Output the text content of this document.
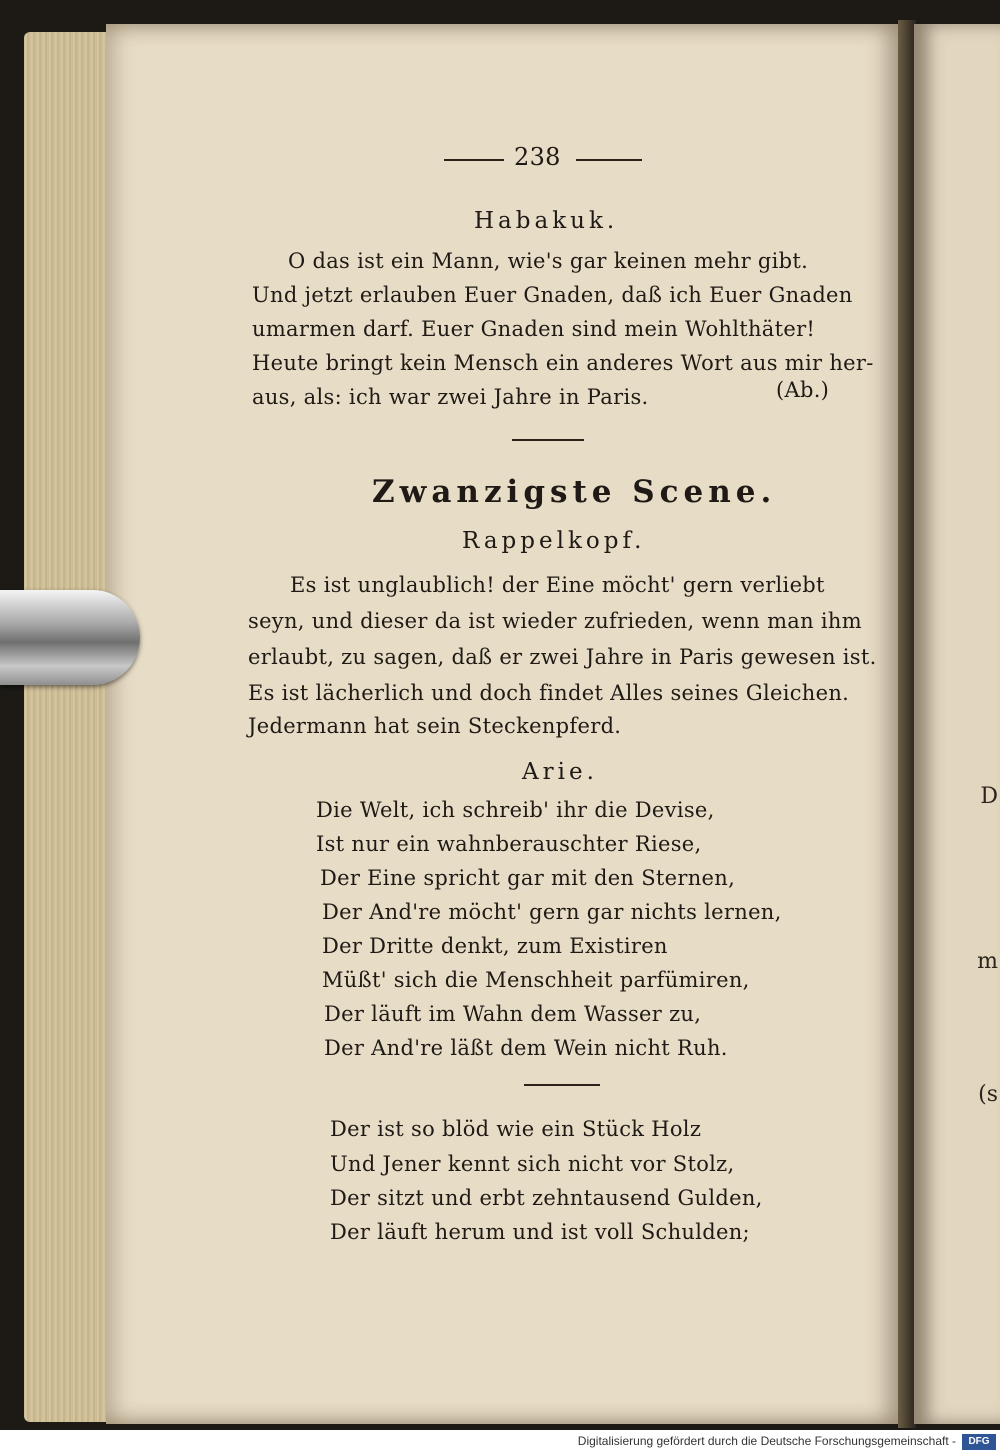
D
m
(s
238
Habakuk.
O das ist ein Mann, wie's gar keinen mehr gibt.
Und jetzt erlauben Euer Gnaden, daß ich Euer Gnaden
umarmen darf. Euer Gnaden sind mein Wohlthäter!
Heute bringt kein Mensch ein anderes Wort aus mir her-
aus, als: ich war zwei Jahre in Paris.	(Ab.)
Zwanzigste Scene.
Rappelkopf.
Es ist unglaublich! der Eine möcht' gern verliebt
seyn, und dieser da ist wieder zufrieden, wenn man ihm
erlaubt, zu sagen, daß er zwei Jahre in Paris gewesen ist.
Es ist lächerlich und doch findet Alles seines Gleichen.
Jedermann hat sein Steckenpferd.
Arie.
Die Welt, ich schreib' ihr die Devise,
Ist nur ein wahnberauschter Riese,
Der Eine spricht gar mit den Sternen,
Der And're möcht' gern gar nichts lernen,
Der Dritte denkt, zum Existiren
Müßt' sich die Menschheit parfümiren,
Der läuft im Wahn dem Wasser zu,
Der And're läßt dem Wein nicht Ruh.
Der ist so blöd wie ein Stück Holz
Und Jener kennt sich nicht vor Stolz,
Der sitzt und erbt zehntausend Gulden,
Der läuft herum und ist voll Schulden;
Digitalisierung gefördert durch die Deutsche Forschungsgemeinschaft -	DFG
